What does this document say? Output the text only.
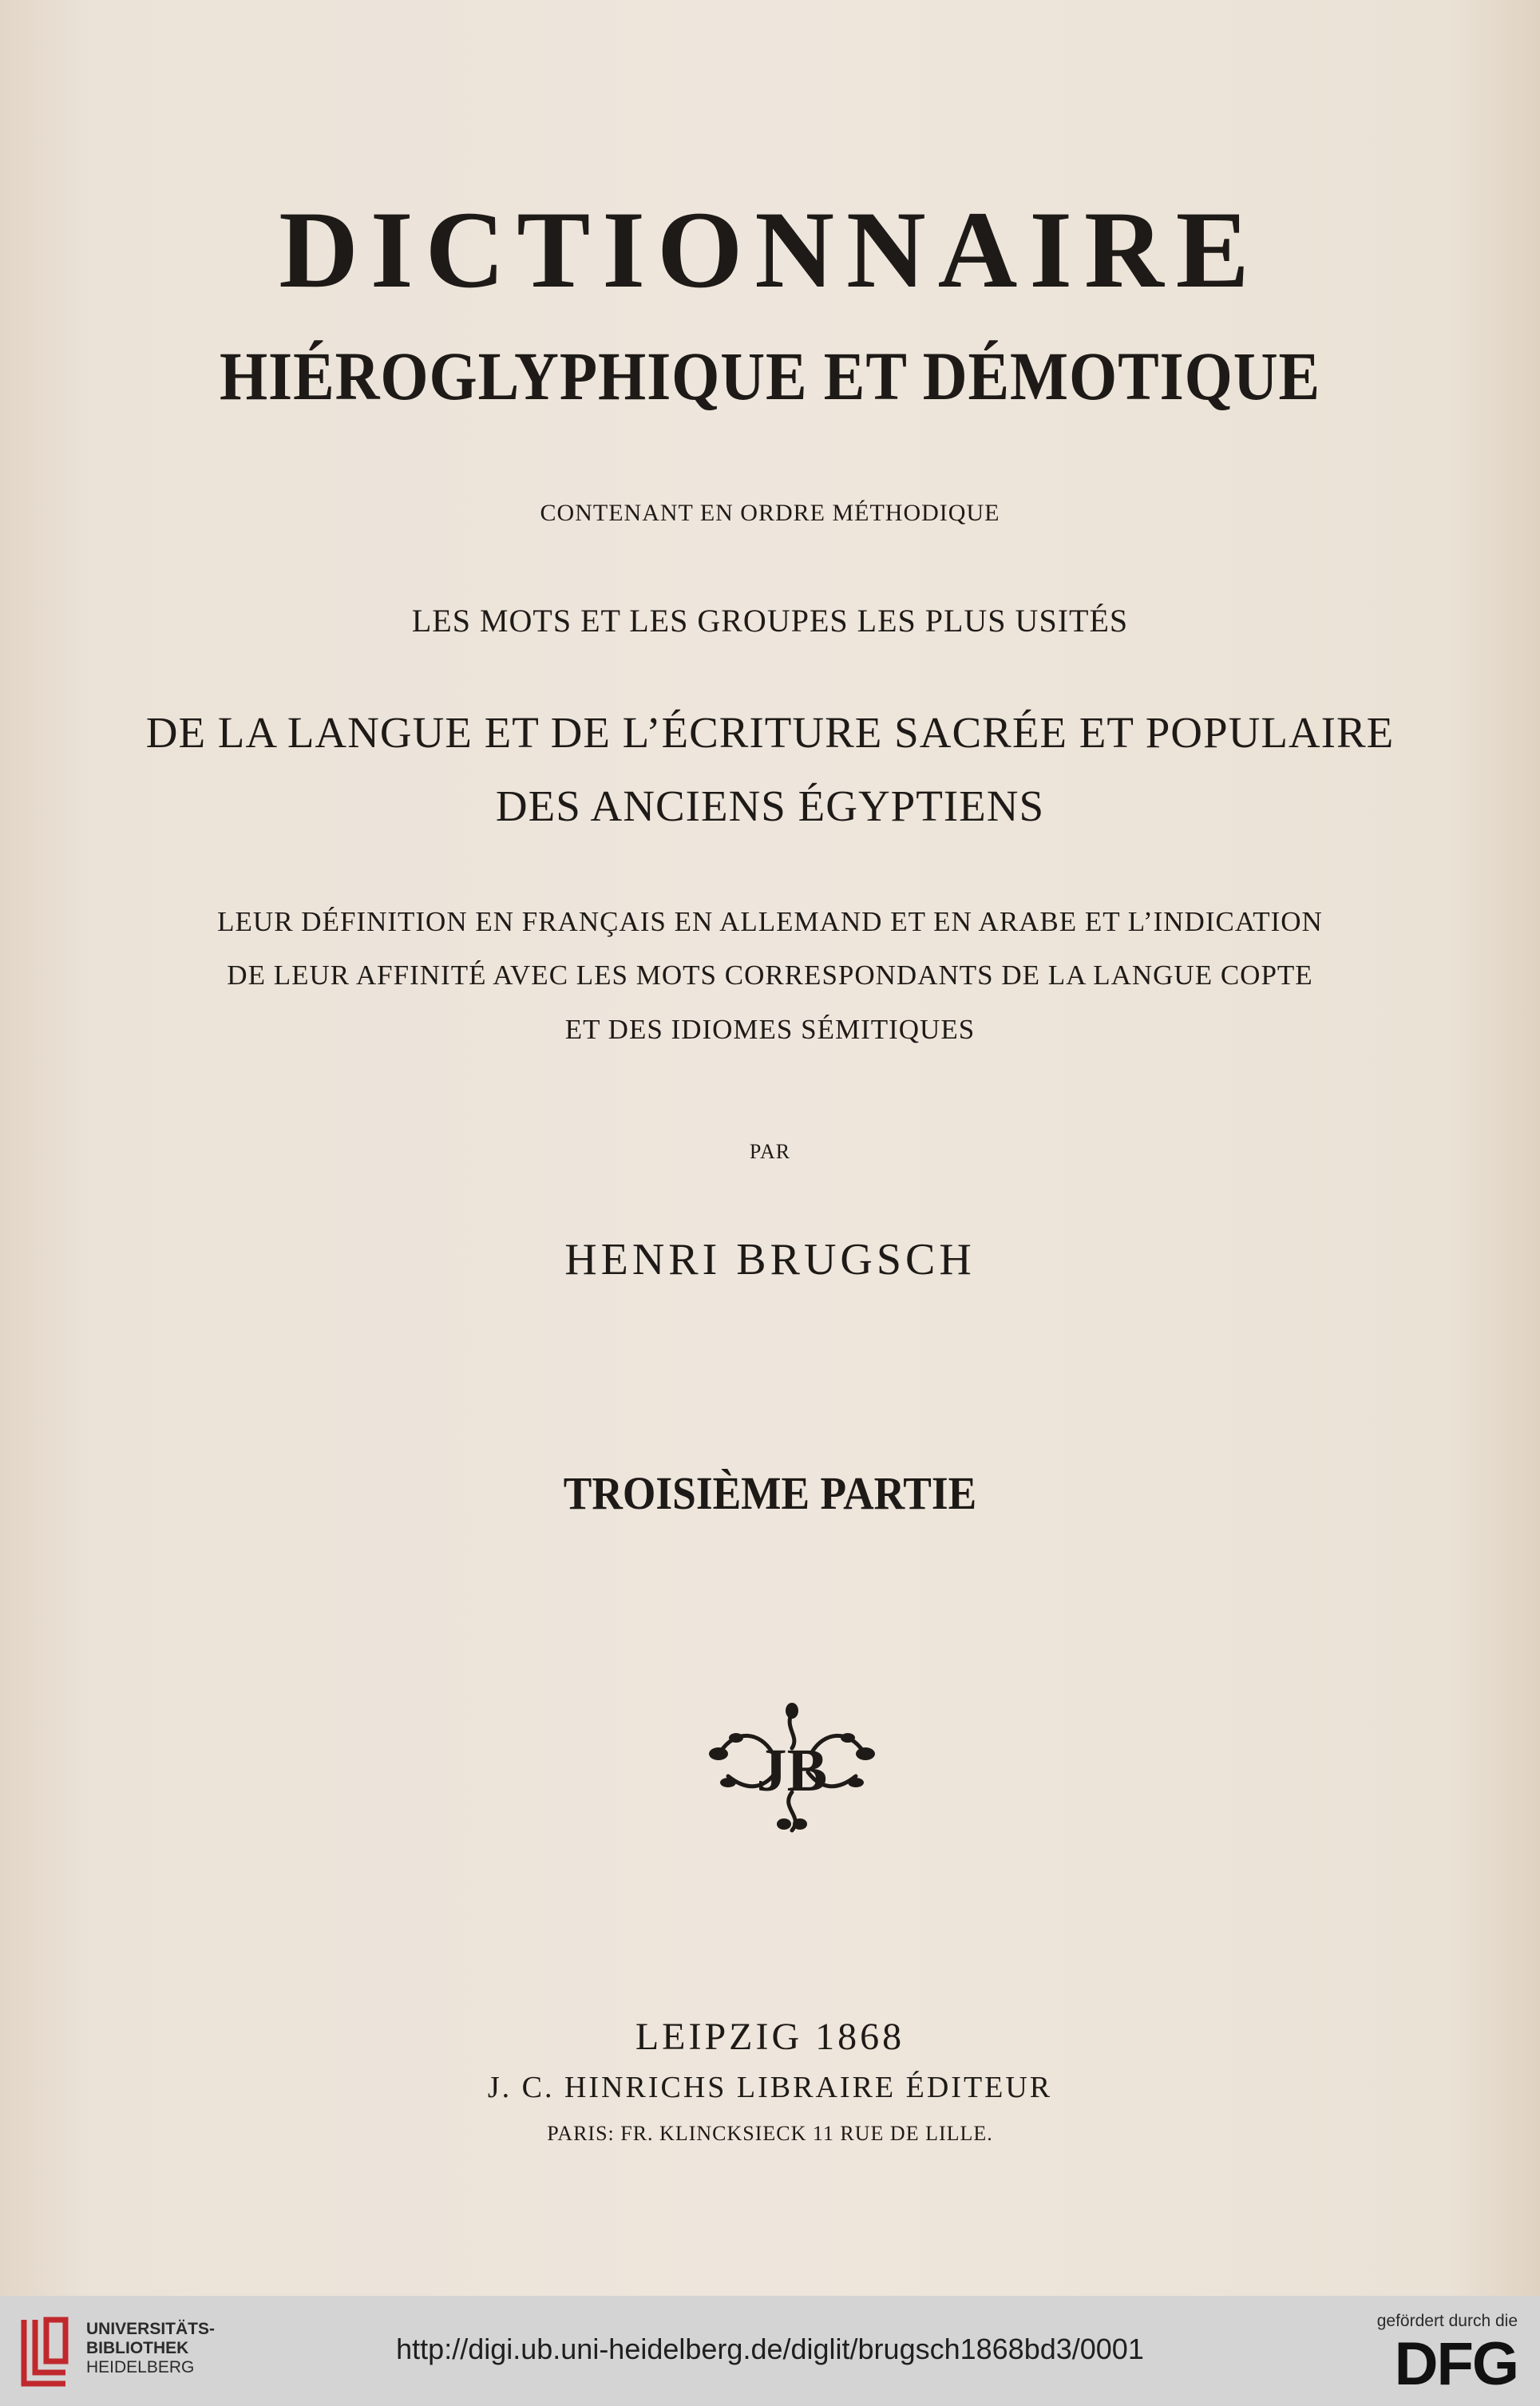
DICTIONNAIRE
HIÉROGLYPHIQUE ET DÉMOTIQUE
CONTENANT EN ORDRE MÉTHODIQUE
LES MOTS ET LES GROUPES LES PLUS USITÉS
DE LA LANGUE ET DE L’ÉCRITURE SACRÉE ET POPULAIRE
DES ANCIENS ÉGYPTIENS
LEUR DÉFINITION EN FRANÇAIS EN ALLEMAND ET EN ARABE ET L’INDICATION
DE LEUR AFFINITÉ AVEC LES MOTS CORRESPONDANTS DE LA LANGUE COPTE
ET DES IDIOMES SÉMITIQUES
PAR
HENRI BRUGSCH
TROISIÈME PARTIE
JB
LEIPZIG 1868
J. C. HINRICHS LIBRAIRE ÉDITEUR
PARIS: FR. KLINCKSIECK 11 RUE DE LILLE.
UNIVERSITÄTS-
BIBLIOTHEK
HEIDELBERG
http://digi.ub.uni-heidelberg.de/diglit/brugsch1868bd3/0001
gefördert durch die
DFG
